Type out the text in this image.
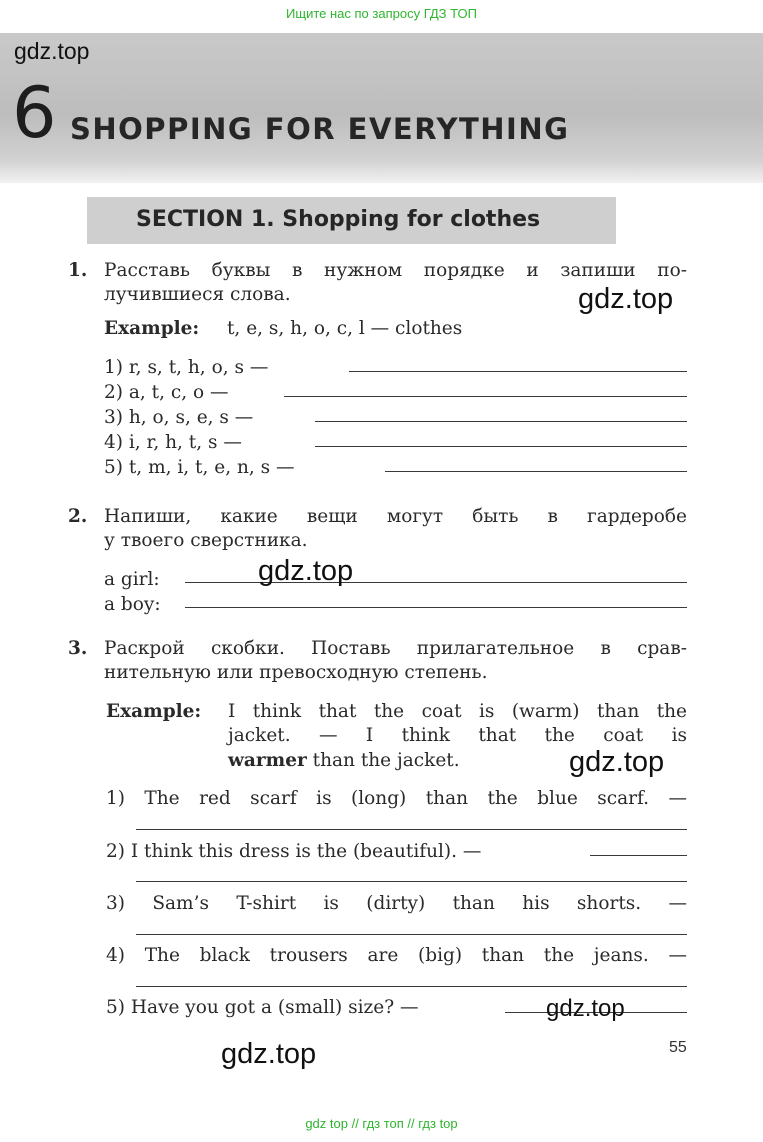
Ищите нас по запросу ГДЗ ТОП
gdz.top
6 SHOPPING FOR EVERYTHING
SECTION 1. Shopping for clothes
1. Расставь буквы в нужном порядке и запиши по-
лучившиеся слова.	gdz.top
Example: t, e, s, h, o, c, l — clothes
1) r, s, t, h, o, s —
2) a, t, c, o —
3) h, o, s, e, s —
4) i, r, h, t, s —
5) t, m, i, t, e, n, s —
2. Напиши, какие вещи могут быть в гардеробе
у твоего сверстника.
a girl:	gdz.top
a boy:
3. Раскрой скобки. Поставь прилагательное в срав-
нительную или превосходную степень.
Example: I think that the coat is (warm) than the
jacket. — I think that the coat is
warmer than the jacket.	gdz.top
1) The red scarf is (long) than the blue scarf. —
2) I think this dress is the (beautiful). —
3) Sam’s T-shirt is (dirty) than his shorts. —
4) The black trousers are (big) than the jeans. —
5) Have you got a (small) size? —	gdz.top
gdz.top	55
gdz top // гдз топ // гдз top
